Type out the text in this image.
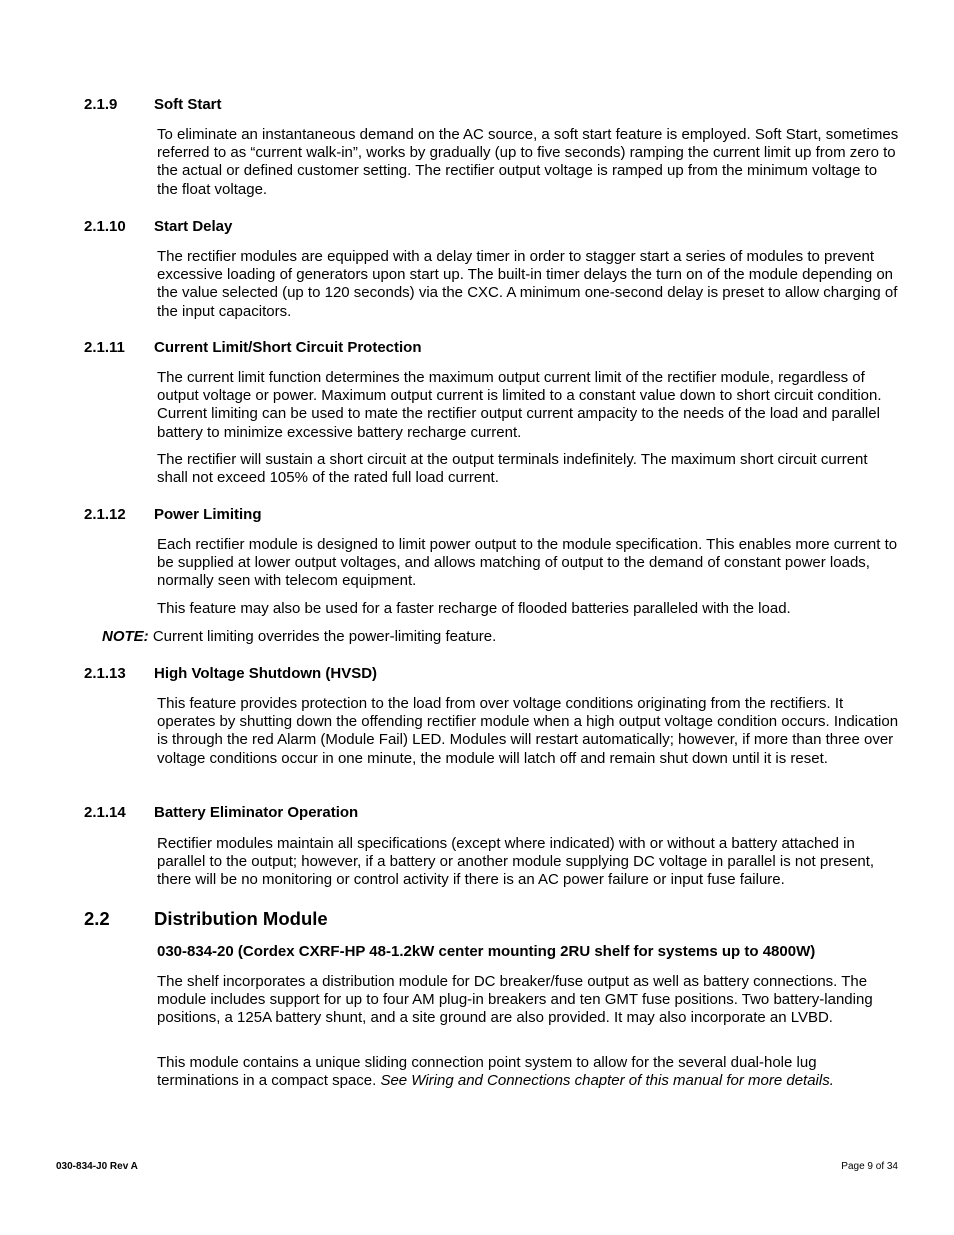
2.1.9 Soft Start
To eliminate an instantaneous demand on the AC source, a soft start feature is employed. Soft Start, sometimes referred to as “current walk-in”, works by gradually (up to five seconds) ramping the current limit up from zero to the actual or defined customer setting. The rectifier output voltage is ramped up from the minimum voltage to the float voltage.
2.1.10 Start Delay
The rectifier modules are equipped with a delay timer in order to stagger start a series of modules to prevent excessive loading of generators upon start up. The built-in timer delays the turn on of the module depending on the value selected (up to 120 seconds) via the CXC. A minimum one-second delay is preset to allow charging of the input capacitors.
2.1.11 Current Limit/Short Circuit Protection
The current limit function determines the maximum output current limit of the rectifier module, regardless of output voltage or power. Maximum output current is limited to a constant value down to short circuit condition. Current limiting can be used to mate the rectifier output current ampacity to the needs of the load and parallel battery to minimize excessive battery recharge current.
The rectifier will sustain a short circuit at the output terminals indefinitely. The maximum short circuit current shall not exceed 105% of the rated full load current.
2.1.12 Power Limiting
Each rectifier module is designed to limit power output to the module specification. This enables more current to be supplied at lower output voltages, and allows matching of output to the demand of constant power loads, normally seen with telecom equipment.
This feature may also be used for a faster recharge of flooded batteries paralleled with the load.
NOTE: Current limiting overrides the power-limiting feature.
2.1.13 High Voltage Shutdown (HVSD)
This feature provides protection to the load from over voltage conditions originating from the rectifiers. It operates by shutting down the offending rectifier module when a high output voltage condition occurs. Indication is through the red Alarm (Module Fail) LED. Modules will restart automatically; however, if more than three over voltage conditions occur in one minute, the module will latch off and remain shut down until it is reset.
2.1.14 Battery Eliminator Operation
Rectifier modules maintain all specifications (except where indicated) with or without a battery attached in parallel to the output; however, if a battery or another module supplying DC voltage in parallel is not present, there will be no monitoring or control activity if there is an AC power failure or input fuse failure.
2.2 Distribution Module
030-834-20 (Cordex CXRF-HP 48-1.2kW center mounting 2RU shelf for systems up to 4800W)
The shelf incorporates a distribution module for DC breaker/fuse output as well as battery connections. The module includes support for up to four AM plug-in breakers and ten GMT fuse positions. Two battery-landing positions, a 125A battery shunt, and a site ground are also provided. It may also incorporate an LVBD.
This module contains a unique sliding connection point system to allow for the several dual-hole lug terminations in a compact space. See Wiring and Connections chapter of this manual for more details.
030-834-J0 Rev A	Page 9 of 34
